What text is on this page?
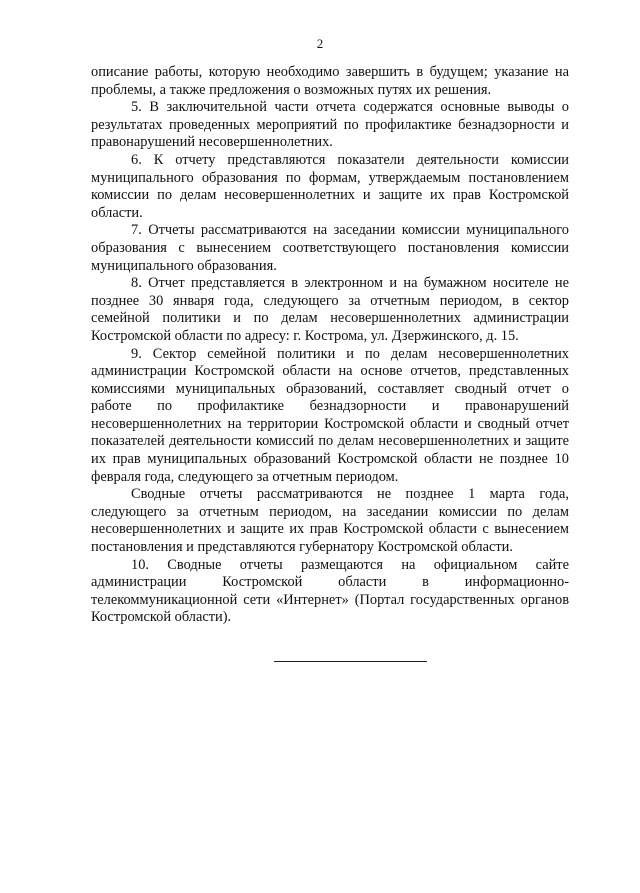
2

описание работы, которую необходимо завершить в будущем; указание на проблемы, а также предложения о возможных путях их решения.

5. В заключительной части отчета содержатся основные выводы о результатах проведенных мероприятий по профилактике безнадзорности и правонарушений несовершеннолетних.

6. К отчету представляются показатели деятельности комиссии муниципального образования по формам, утверждаемым постановлением комиссии по делам несовершеннолетних и защите их прав Костромской области.

7. Отчеты рассматриваются на заседании комиссии муниципального образования с вынесением соответствующего постановления комиссии муниципального образования.

8. Отчет представляется в электронном и на бумажном носителе не позднее 30 января года, следующего за отчетным периодом, в сектор семейной политики и по делам несовершеннолетних администрации Костромской области по адресу: г. Кострома, ул. Дзержинского, д. 15.

9. Сектор семейной политики и по делам несовершеннолетних администрации Костромской области на основе отчетов, представленных комиссиями муниципальных образований, составляет сводный отчет о работе по профилактике безнадзорности и правонарушений несовершеннолетних на территории Костромской области и сводный отчет показателей деятельности комиссий по делам несовершеннолетних и защите их прав муниципальных образований Костромской области не позднее 10 февраля года, следующего за отчетным периодом.

Сводные отчеты рассматриваются не позднее 1 марта года, следующего за отчетным периодом, на заседании комиссии по делам несовершеннолетних и защите их прав Костромской области с вынесением постановления и представляются губернатору Костромской области.

10. Сводные отчеты размещаются на официальном сайте администрации Костромской области в информационно-телекоммуникационной сети «Интернет» (Портал государственных органов Костромской области).
